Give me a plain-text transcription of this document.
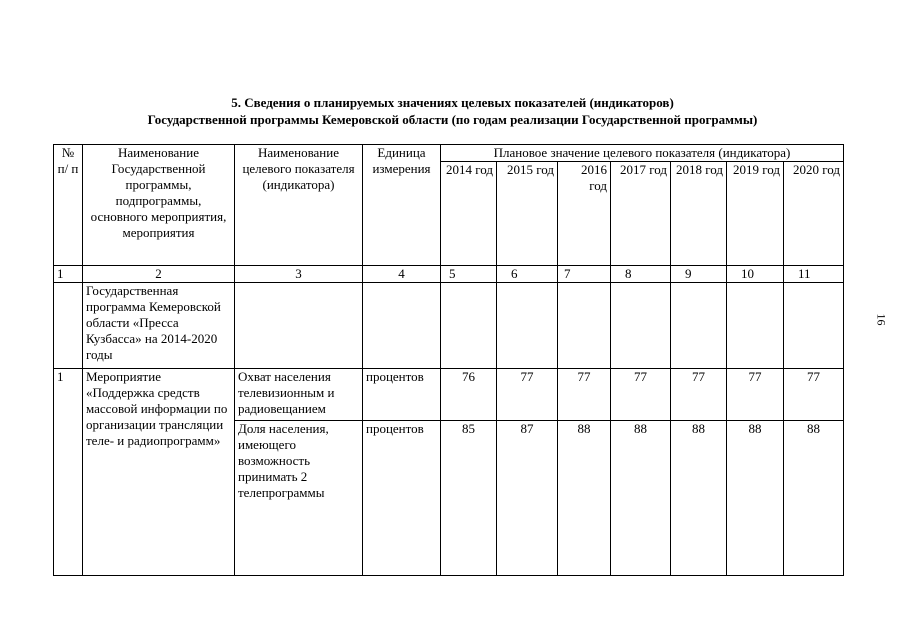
5. Сведения о планируемых значениях целевых показателей (индикаторов)
Государственной программы Кемеровской области (по годам реализации Государственной программы)
№ п/ п	Наименование Государственной программы, подпрограммы, основного мероприятия, мероприятия	Наименование целевого показателя (индикатора)	Единица измерения	Плановое значение целевого показателя (индикатора)						
				2014 год	2015 год	2016 год	2017 год	2018 год	2019 год	2020 год
1	2	3	4	5	6	7	8	9	10	11
	Государственная программа Кемеровской области «Пресса Кузбасса» на 2014-2020 годы									
1	Мероприятие «Поддержка средств массовой информации по организации трансляции теле- и радиопрограмм»	Охват населения телевизионным и радиовещанием	процентов	76	77	77	77	77	77	77
		Доля населения, имеющего возможность принимать 2 телепрограммы	процентов	85	87	88	88	88	88	88
16
